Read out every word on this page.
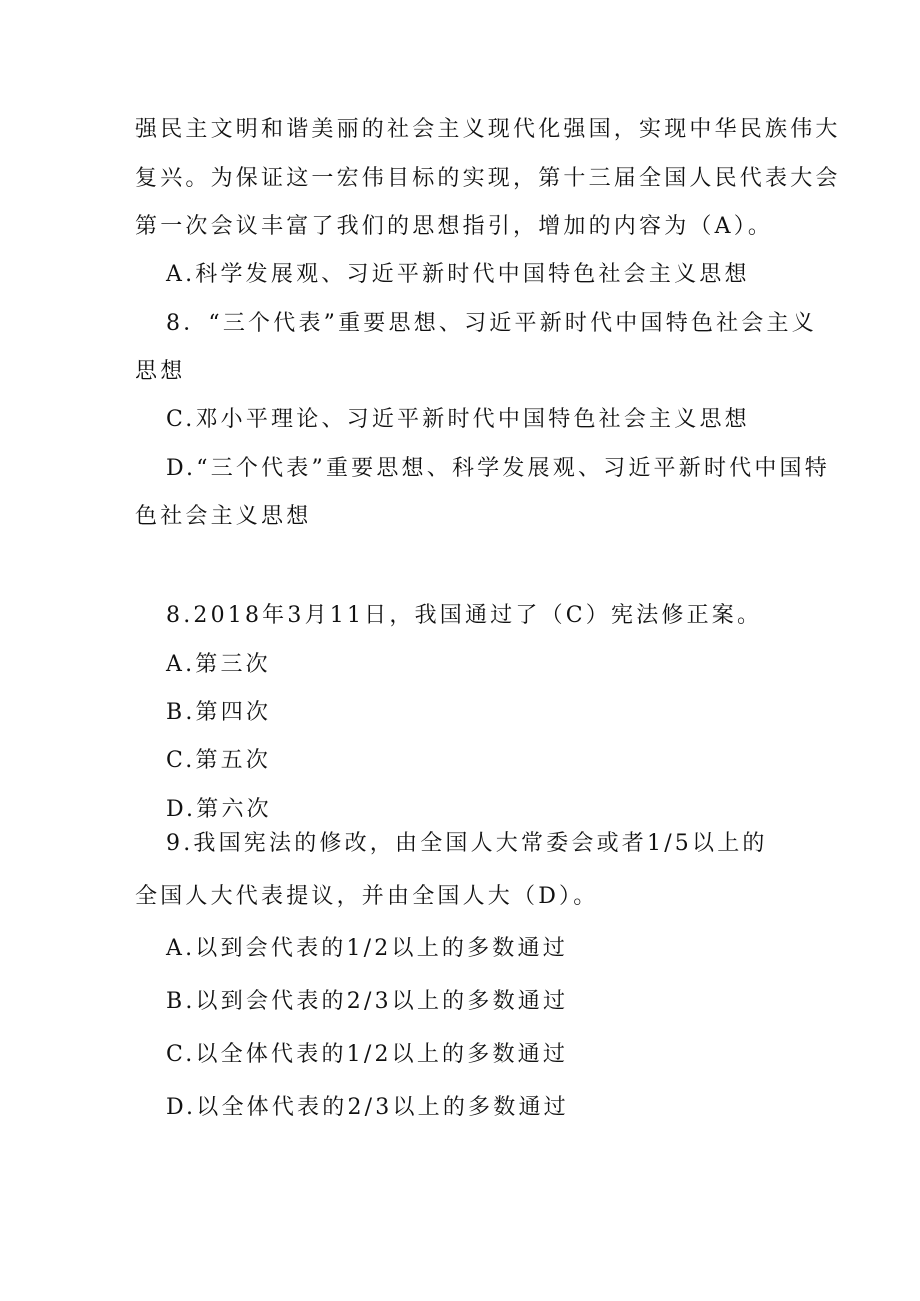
强民主文明和谐美丽的社会主义现代化强国，实现中华民族伟大
复兴。为保证这一宏伟目标的实现，第十三届全国人民代表大会
第一次会议丰富了我们的思想指引，增加的内容为（A）。
A.科学发展观、习近平新时代中国特色社会主义思想
8．“三个代表”重要思想、习近平新时代中国特色社会主义
思想
C.邓小平理论、习近平新时代中国特色社会主义思想
D.“三个代表”重要思想、科学发展观、习近平新时代中国特
色社会主义思想
8.2018年3月11日，我国通过了（C）宪法修正案。
A.第三次
B.第四次
C.第五次
D.第六次
9.我国宪法的修改，由全国人大常委会或者1/5以上的
全国人大代表提议，并由全国人大（D）。
A.以到会代表的1/2以上的多数通过
B.以到会代表的2/3以上的多数通过
C.以全体代表的1/2以上的多数通过
D.以全体代表的2/3以上的多数通过
